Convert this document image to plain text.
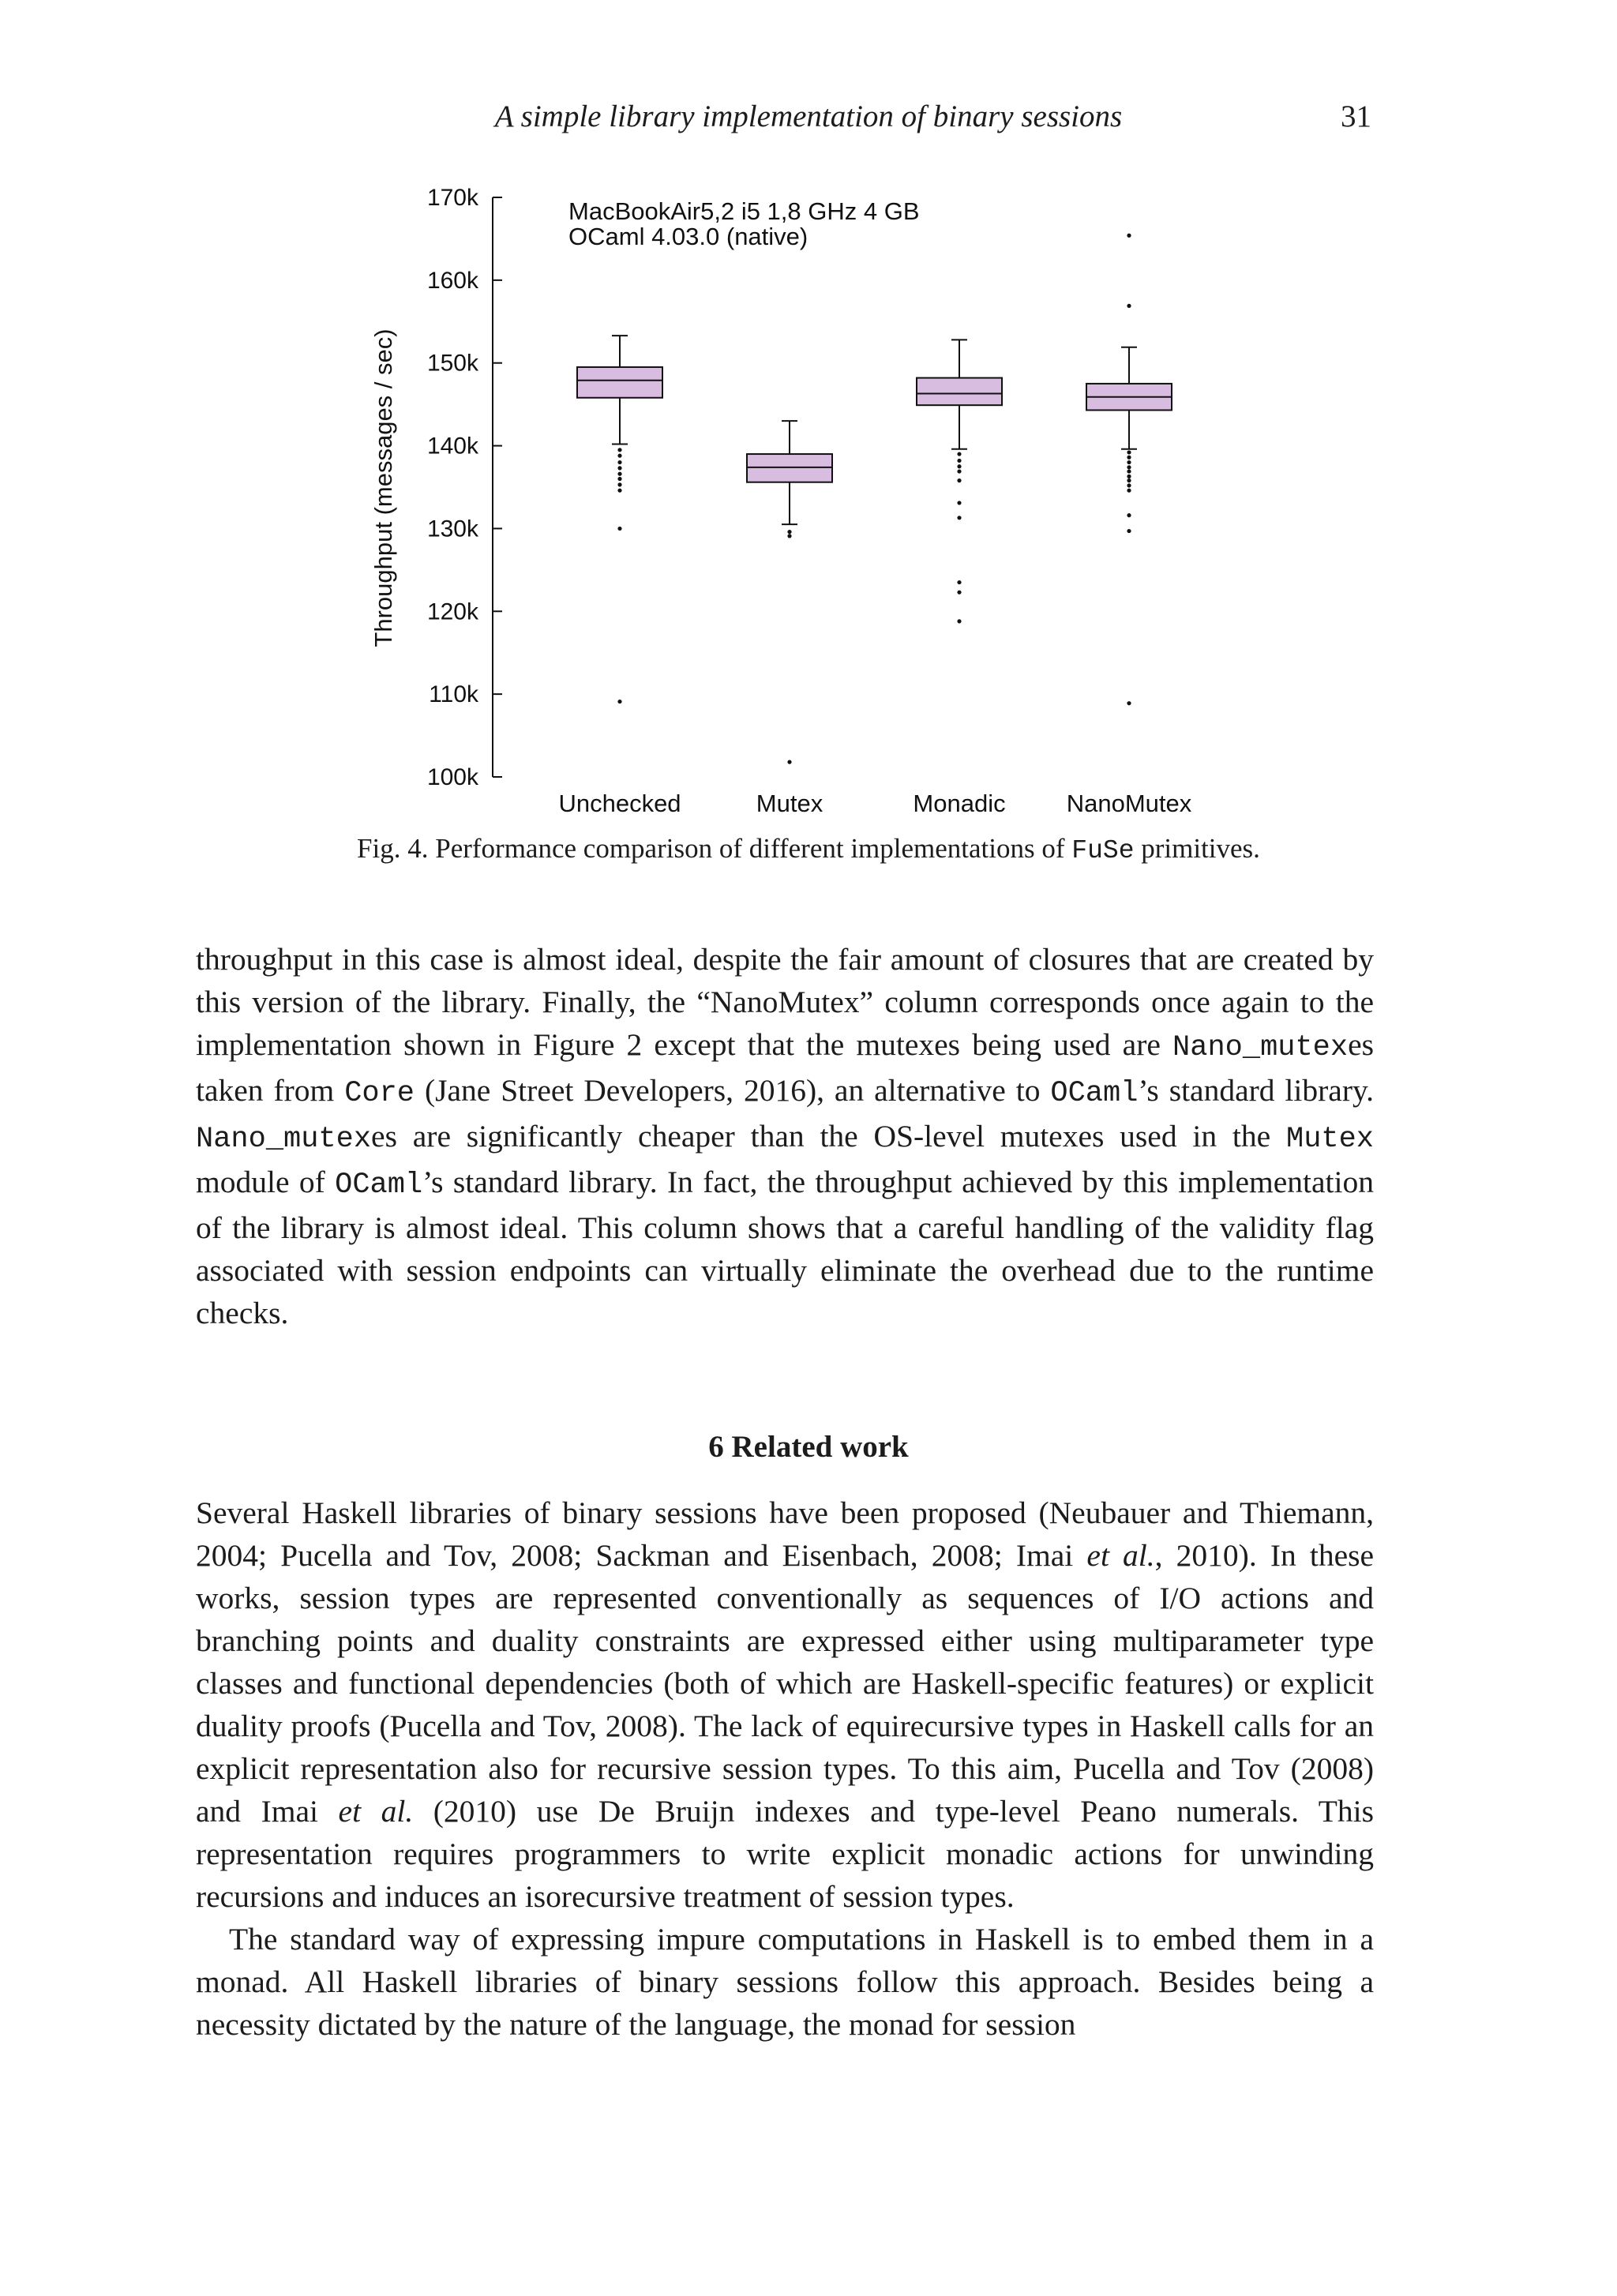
A simple library implementation of binary sessions	31
MacBookAir5,2 i5 1,8 GHz 4 GB
OCaml 4.03.0 (native)
Throughput (messages / sec)
100k
110k
120k
130k
140k
150k
160k
170k
Unchecked	Mutex	Monadic NanoMutex
Fig. 4. Performance comparison of different implementations of FuSe primitives.

throughput in this case is almost ideal, despite the fair amount of closures that are created by this version of the library. Finally, the “NanoMutex” column corresponds once again to the implementation shown in Figure 2 except that the mutexes being used are Nano_mutexes taken from Core (Jane Street Developers, 2016), an alternative to OCaml’s standard library. Nano_mutexes are significantly cheaper than the OS-level mutexes used in the Mutex module of OCaml’s standard library. In fact, the throughput achieved by this implementation of the library is almost ideal. This column shows that a careful handling of the validity flag associated with session endpoints can virtually eliminate the overhead due to the runtime checks.

6 Related work

Several Haskell libraries of binary sessions have been proposed (Neubauer and Thiemann, 2004; Pucella and Tov, 2008; Sackman and Eisenbach, 2008; Imai et al., 2010). In these works, session types are represented conventionally as sequences of I/O actions and branching points and duality constraints are expressed either using multiparameter type classes and functional dependencies (both of which are Haskell-specific features) or explicit duality proofs (Pucella and Tov, 2008). The lack of equirecursive types in Haskell calls for an explicit representation also for recursive session types. To this aim, Pucella and Tov (2008) and Imai et al. (2010) use De Bruijn indexes and type-level Peano numerals. This representation requires programmers to write explicit monadic actions for unwinding recursions and induces an isorecursive treatment of session types.

The standard way of expressing impure computations in Haskell is to embed them in a monad. All Haskell libraries of binary sessions follow this approach. Besides being a necessity dictated by the nature of the language, the monad for session
